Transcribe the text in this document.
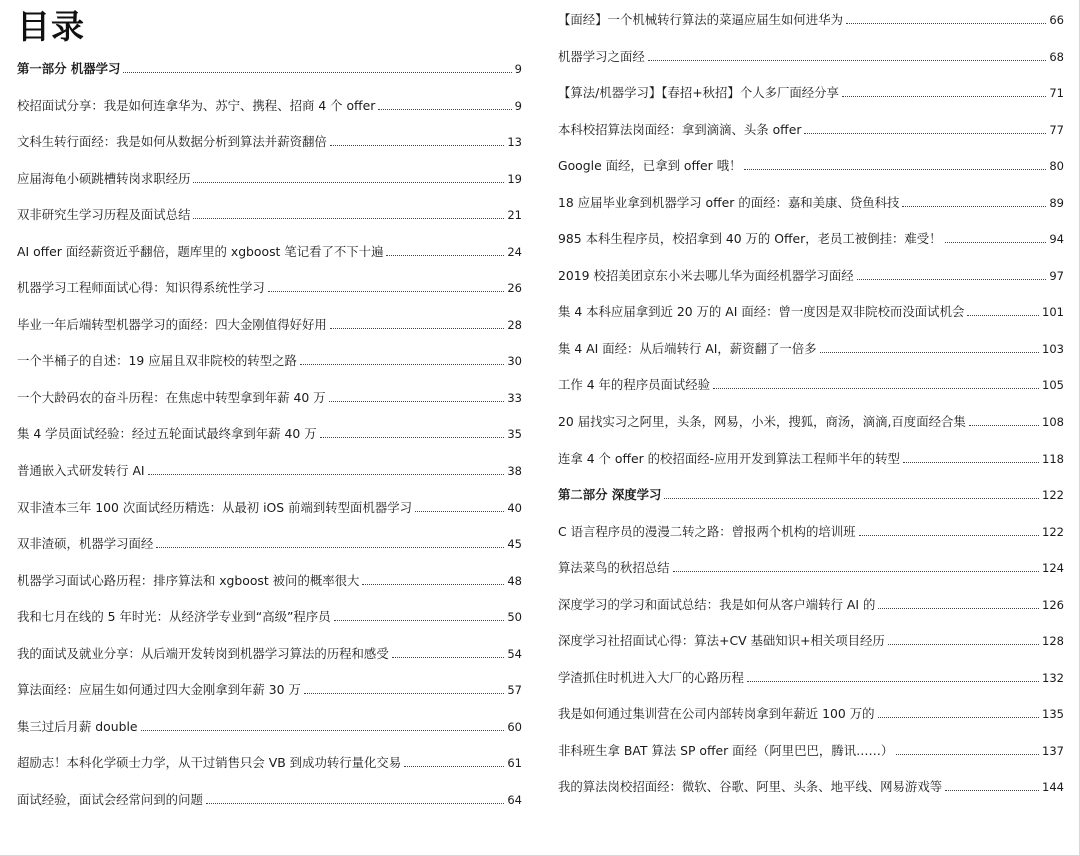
目录
第一部分 机器学习	9
校招面试分享：我是如何连拿华为、苏宁、携程、招商 4 个 offer	9
文科生转行面经：我是如何从数据分析到算法并薪资翻倍	13
应届海龟小硕跳槽转岗求职经历	19
双非研究生学习历程及面试总结	21
AI offer 面经薪资近乎翻倍，题库里的 xgboost 笔记看了不下十遍	24
机器学习工程师面试心得：知识得系统性学习	26
毕业一年后端转型机器学习的面经：四大金刚值得好好用	28
一个半桶子的自述：19 应届且双非院校的转型之路	30
一个大龄码农的奋斗历程：在焦虑中转型拿到年薪 40 万	33
集 4 学员面试经验：经过五轮面试最终拿到年薪 40 万	35
普通嵌入式研发转行 AI	38
双非渣本三年 100 次面试经历精选：从最初 iOS 前端到转型面机器学习	40
双非渣硕，机器学习面经	45
机器学习面试心路历程：排序算法和 xgboost 被问的概率很大	48
我和七月在线的 5 年时光：从经济学专业到“高级”程序员	50
我的面试及就业分享：从后端开发转岗到机器学习算法的历程和感受	54
算法面经：应届生如何通过四大金刚拿到年薪 30 万	57
集三过后月薪 double	60
超励志！本科化学硕士力学，从干过销售只会 VB 到成功转行量化交易	61
面试经验，面试会经常问到的问题	64
【面经】一个机械转行算法的菜逼应届生如何进华为	66
机器学习之面经	68
【算法/机器学习】【春招+秋招】个人多厂面经分享	71
本科校招算法岗面经：拿到滴滴、头条 offer	77
Google 面经，已拿到 offer 哦！	80
18 应届毕业拿到机器学习 offer 的面经：嘉和美康、贷鱼科技	89
985 本科生程序员，校招拿到 40 万的 Offer，老员工被倒挂：难受！	94
2019 校招美团京东小米去哪儿华为面经机器学习面经	97
集 4 本科应届拿到近 20 万的 AI 面经：曾一度因是双非院校而没面试机会	101
集 4 AI 面经：从后端转行 AI，薪资翻了一倍多	103
工作 4 年的程序员面试经验	105
20 届找实习之阿里，头条，网易，小米，搜狐，商汤，滴滴,百度面经合集	108
连拿 4 个 offer 的校招面经-应用开发到算法工程师半年的转型	118
第二部分 深度学习	122
C 语言程序员的漫漫二转之路：曾报两个机构的培训班	122
算法菜鸟的秋招总结	124
深度学习的学习和面试总结：我是如何从客户端转行 AI 的	126
深度学习社招面试心得：算法+CV 基础知识+相关项目经历	128
学渣抓住时机进入大厂的心路历程	132
我是如何通过集训营在公司内部转岗拿到年薪近 100 万的	135
非科班生拿 BAT 算法 SP offer 面经（阿里巴巴，腾讯……）	137
我的算法岗校招面经：微软、谷歌、阿里、头条、地平线、网易游戏等	144
